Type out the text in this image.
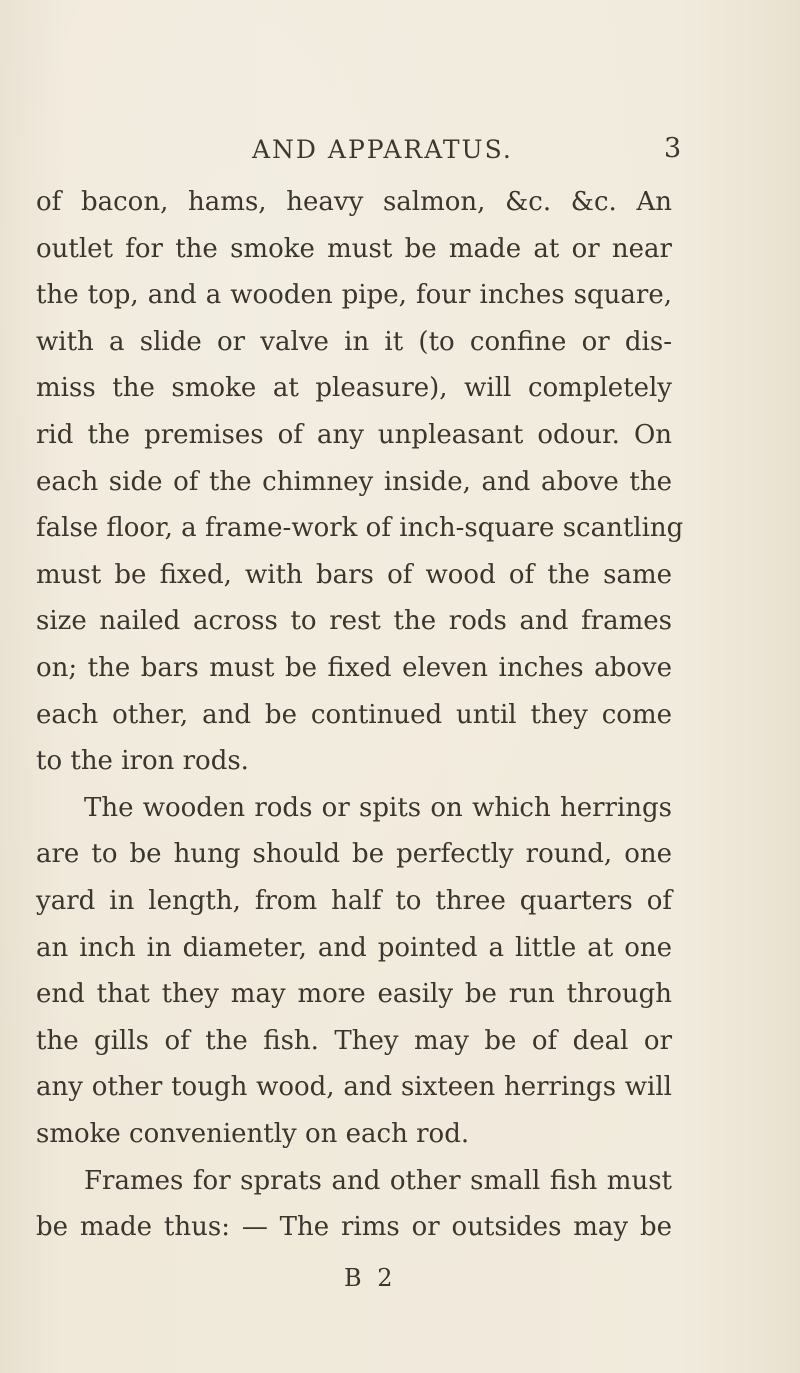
AND APPARATUS.	3
of bacon, hams, heavy salmon, &c. &c. An
outlet for the smoke must be made at or near
the top, and a wooden pipe, four inches square,
with a slide or valve in it (to confine or dis-
miss the smoke at pleasure), will completely
rid the premises of any unpleasant odour. On
each side of the chimney inside, and above the
false floor, a frame-work of inch-square scantling
must be fixed, with bars of wood of the same
size nailed across to rest the rods and frames
on; the bars must be fixed eleven inches above
each other, and be continued until they come
to the iron rods.
The wooden rods or spits on which herrings
are to be hung should be perfectly round, one
yard in length, from half to three quarters of
an inch in diameter, and pointed a little at one
end that they may more easily be run through
the gills of the fish. They may be of deal or
any other tough wood, and sixteen herrings will
smoke conveniently on each rod.
Frames for sprats and other small fish must
be made thus: — The rims or outsides may be
B 2
